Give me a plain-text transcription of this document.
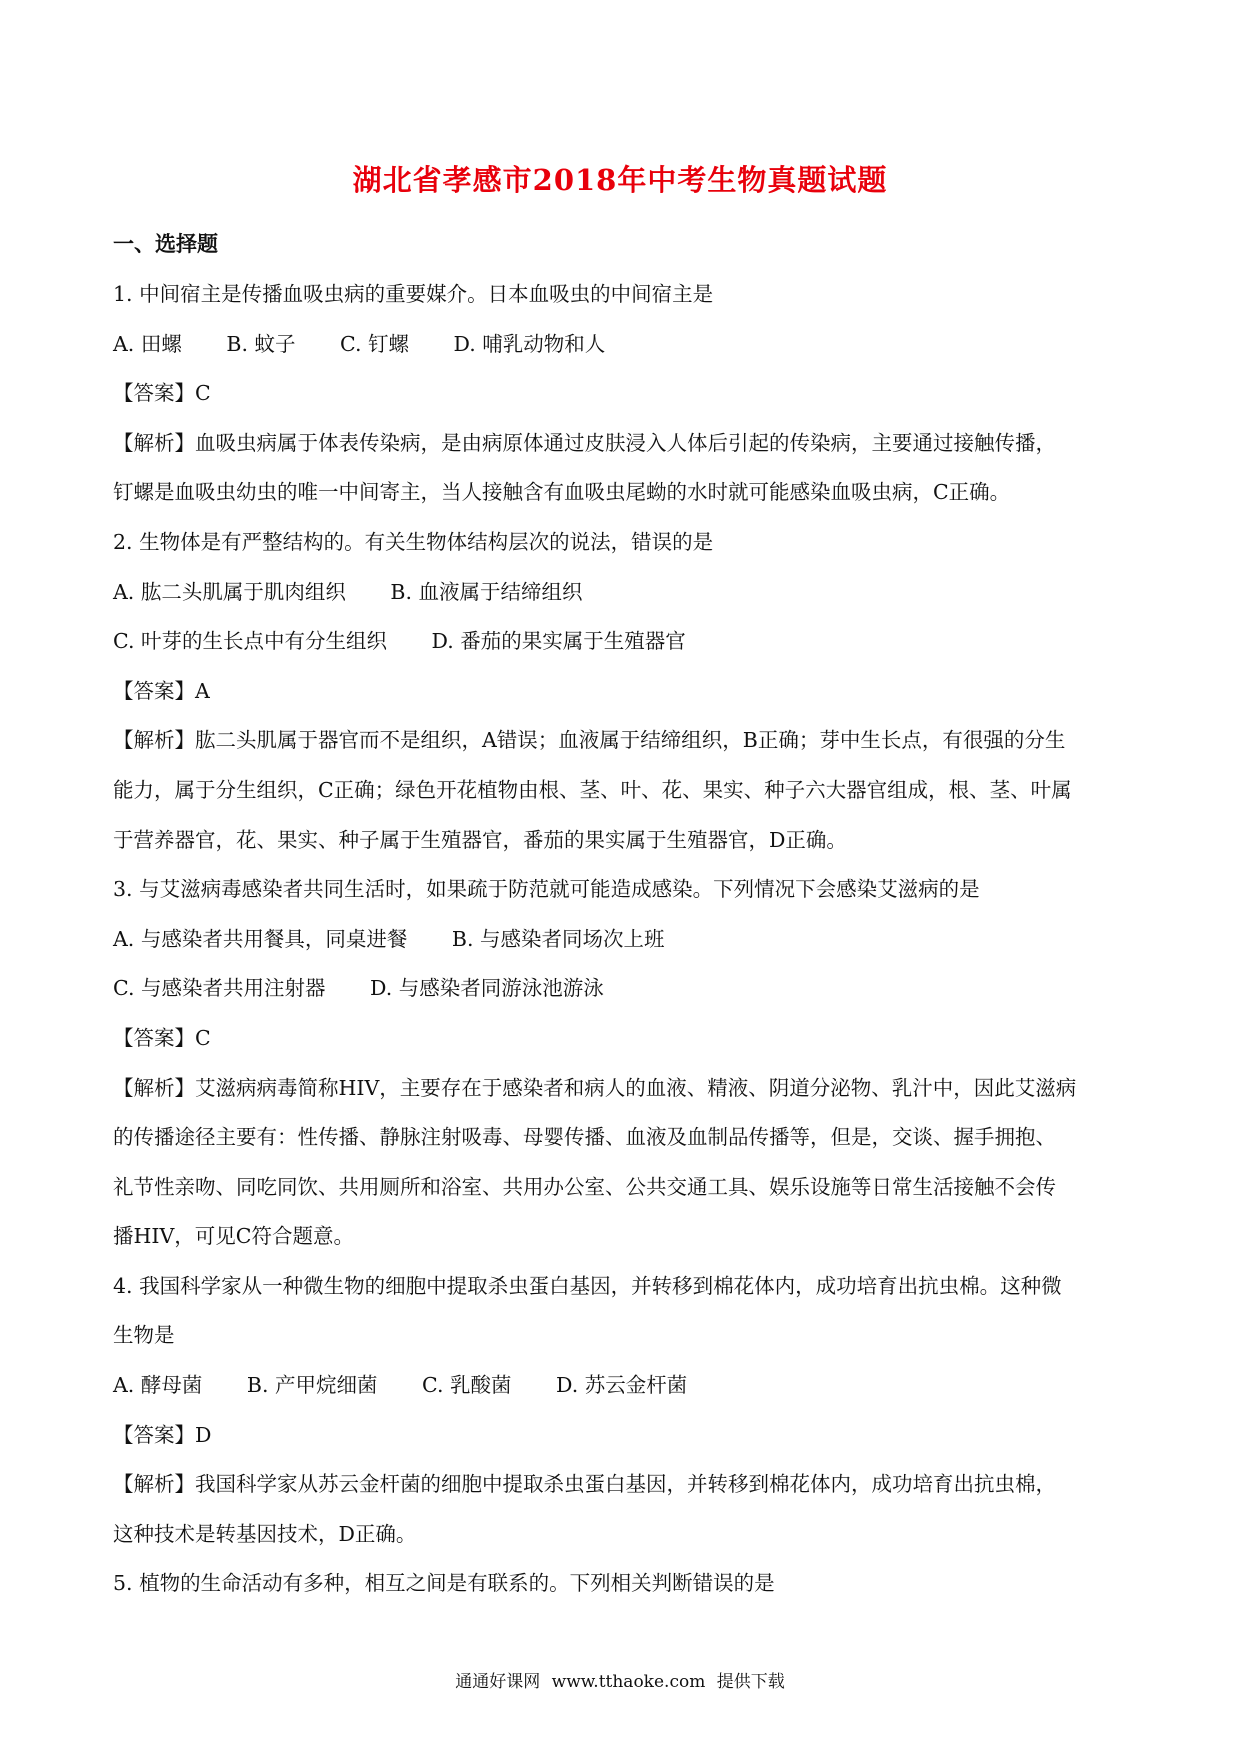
湖北省孝感市2018年中考生物真题试题
一、选择题
1. 中间宿主是传播血吸虫病的重要媒介。日本血吸虫的中间宿主是
A. 田螺 B. 蚊子 C. 钉螺 D. 哺乳动物和人
【答案】C
【解析】血吸虫病属于体表传染病，是由病原体通过皮肤浸入人体后引起的传染病，主要通过接触传播，
钉螺是血吸虫幼虫的唯一中间寄主，当人接触含有血吸虫尾蚴的水时就可能感染血吸虫病，C正确。
2. 生物体是有严整结构的。有关生物体结构层次的说法，错误的是
A. 肱二头肌属于肌肉组织 B. 血液属于结缔组织
C. 叶芽的生长点中有分生组织 D. 番茄的果实属于生殖器官
【答案】A
【解析】肱二头肌属于器官而不是组织，A错误；血液属于结缔组织，B正确；芽中生长点，有很强的分生
能力，属于分生组织，C正确；绿色开花植物由根、茎、叶、花、果实、种子六大器官组成，根、茎、叶属
于营养器官，花、果实、种子属于生殖器官，番茄的果实属于生殖器官，D正确。
3. 与艾滋病毒感染者共同生活时，如果疏于防范就可能造成感染。下列情况下会感染艾滋病的是
A. 与感染者共用餐具，同桌进餐 B. 与感染者同场次上班
C. 与感染者共用注射器 D. 与感染者同游泳池游泳
【答案】C
【解析】艾滋病病毒简称HIV，主要存在于感染者和病人的血液、精液、阴道分泌物、乳汁中，因此艾滋病
的传播途径主要有：性传播、静脉注射吸毒、母婴传播、血液及血制品传播等，但是，交谈、握手拥抱、
礼节性亲吻、同吃同饮、共用厕所和浴室、共用办公室、公共交通工具、娱乐设施等日常生活接触不会传
播HIV，可见C符合题意。
4. 我国科学家从一种微生物的细胞中提取杀虫蛋白基因，并转移到棉花体内，成功培育出抗虫棉。这种微
生物是
A. 酵母菌 B. 产甲烷细菌 C. 乳酸菌 D. 苏云金杆菌
【答案】D
【解析】我国科学家从苏云金杆菌的细胞中提取杀虫蛋白基因，并转移到棉花体内，成功培育出抗虫棉，
这种技术是转基因技术，D正确。
5. 植物的生命活动有多种，相互之间是有联系的。下列相关判断错误的是
通通好课网 www.tthaoke.com 提供下载
